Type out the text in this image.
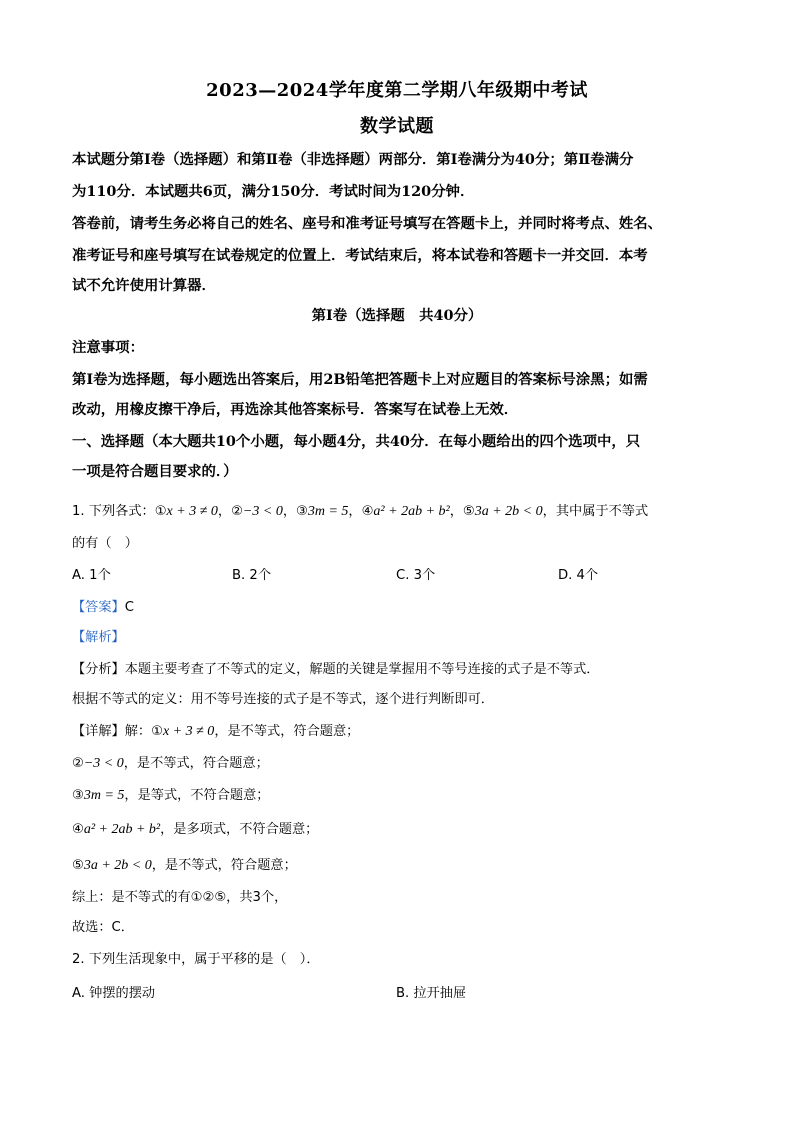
2023—2024学年度第二学期八年级期中考试
数学试题
本试题分第Ⅰ卷（选择题）和第Ⅱ卷（非选择题）两部分．第Ⅰ卷满分为40分；第Ⅱ卷满分
为110分．本试题共6页，满分150分．考试时间为120分钟．
答卷前，请考生务必将自己的姓名、座号和准考证号填写在答题卡上，并同时将考点、姓名、
准考证号和座号填写在试卷规定的位置上．考试结束后，将本试卷和答题卡一并交回．本考
试不允许使用计算器．
第Ⅰ卷（选择题　共40分）
注意事项：
第Ⅰ卷为选择题，每小题选出答案后，用2B铅笔把答题卡上对应题目的答案标号涂黑；如需
改动，用橡皮擦干净后，再选涂其他答案标号．答案写在试卷上无效．
一、选择题（本大题共10个小题，每小题4分，共40分．在每小题给出的四个选项中，只
一项是符合题目要求的．）
1. 下列各式：①x + 3 ≠ 0，②−3 < 0，③3m = 5，④a² + 2ab + b²，⑤3a + 2b < 0，其中属于不等式
的有（　）
A. 1个	B. 2个	C. 3个	D. 4个
【答案】C
【解析】
【分析】本题主要考查了不等式的定义，解题的关键是掌握用不等号连接的式子是不等式．
根据不等式的定义：用不等号连接的式子是不等式，逐个进行判断即可．
【详解】解：①x + 3 ≠ 0，是不等式，符合题意；
②−3 < 0，是不等式，符合题意；
③3m = 5，是等式，不符合题意；
④a² + 2ab + b²，是多项式，不符合题意；
⑤3a + 2b < 0，是不等式，符合题意；
综上：是不等式的有①②⑤，共3个，
故选：C．
2. 下列生活现象中，属于平移的是（　）．
A. 钟摆的摆动	B. 拉开抽屉
